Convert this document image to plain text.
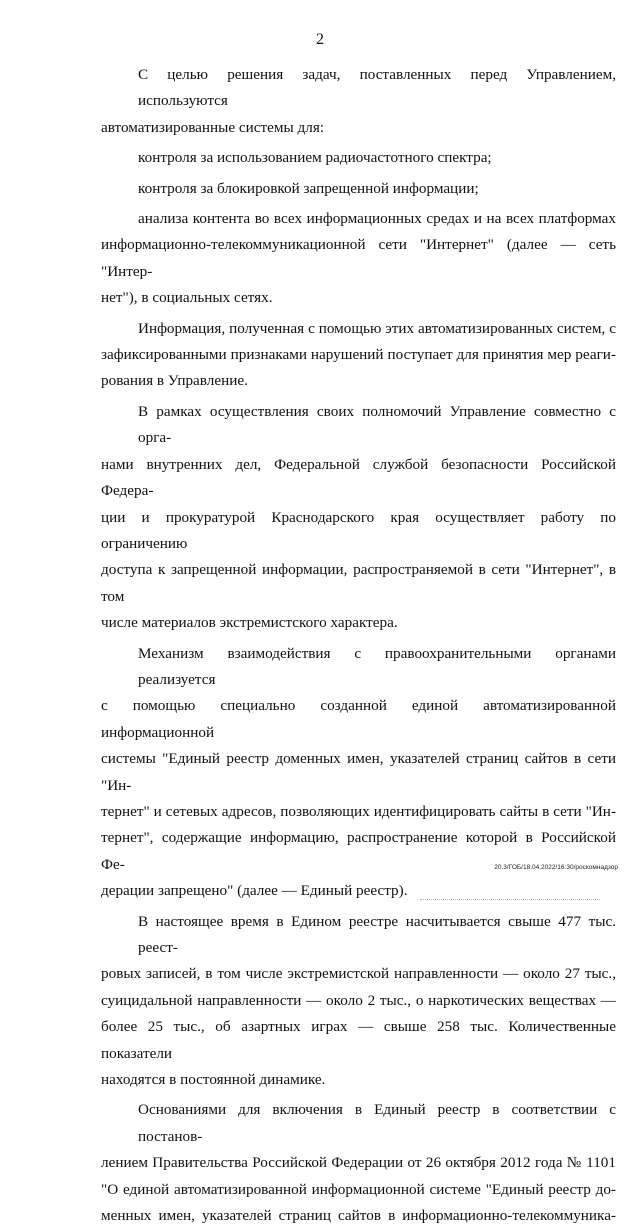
2
С целью решения задач, поставленных перед Управлением, используются
автоматизированные системы для:
контроля за использованием радиочастотного спектра;
контроля за блокировкой запрещенной информации;
анализа контента во всех информационных средах и на всех платформах
информационно-телекоммуникационной сети "Интернет" (далее — сеть "Интер-
нет"), в социальных сетях.
Информация, полученная с помощью этих автоматизированных систем, с
зафиксированными признаками нарушений поступает для принятия мер реаги-
рования в Управление.
В рамках осуществления своих полномочий Управление совместно с орга-
нами внутренних дел, Федеральной службой безопасности Российской Федера-
ции и прокуратурой Краснодарского края осуществляет работу по ограничению
доступа к запрещенной информации, распространяемой в сети "Интернет", в том
числе материалов экстремистского характера.
Механизм взаимодействия с правоохранительными органами реализуется
с помощью специально созданной единой автоматизированной информационной
системы "Единый реестр доменных имен, указателей страниц сайтов в сети "Ин-
тернет" и сетевых адресов, позволяющих идентифицировать сайты в сети "Ин-
тернет", содержащие информацию, распространение которой в Российской Фе-
дерации запрещено" (далее — Единый реестр).
В настоящее время в Едином реестре насчитывается свыше 477 тыс. реест-
ровых записей, в том числе экстремистской направленности — около 27 тыс.,
суицидальной направленности — около 2 тыс., о наркотических веществах —
более 25 тыс., об азартных играх — свыше 258 тыс. Количественные показатели
находятся в постоянной динамике.
Основаниями для включения в Единый реестр в соответствии с постанов-
лением Правительства Российской Федерации от 26 октября 2012 года № 1101
"О единой автоматизированной информационной системе "Единый реестр до-
менных имен, указателей страниц сайтов в информационно-телекоммуника-
20.3/ГОБ/18.04.2022/16:30/роскомнадзор
